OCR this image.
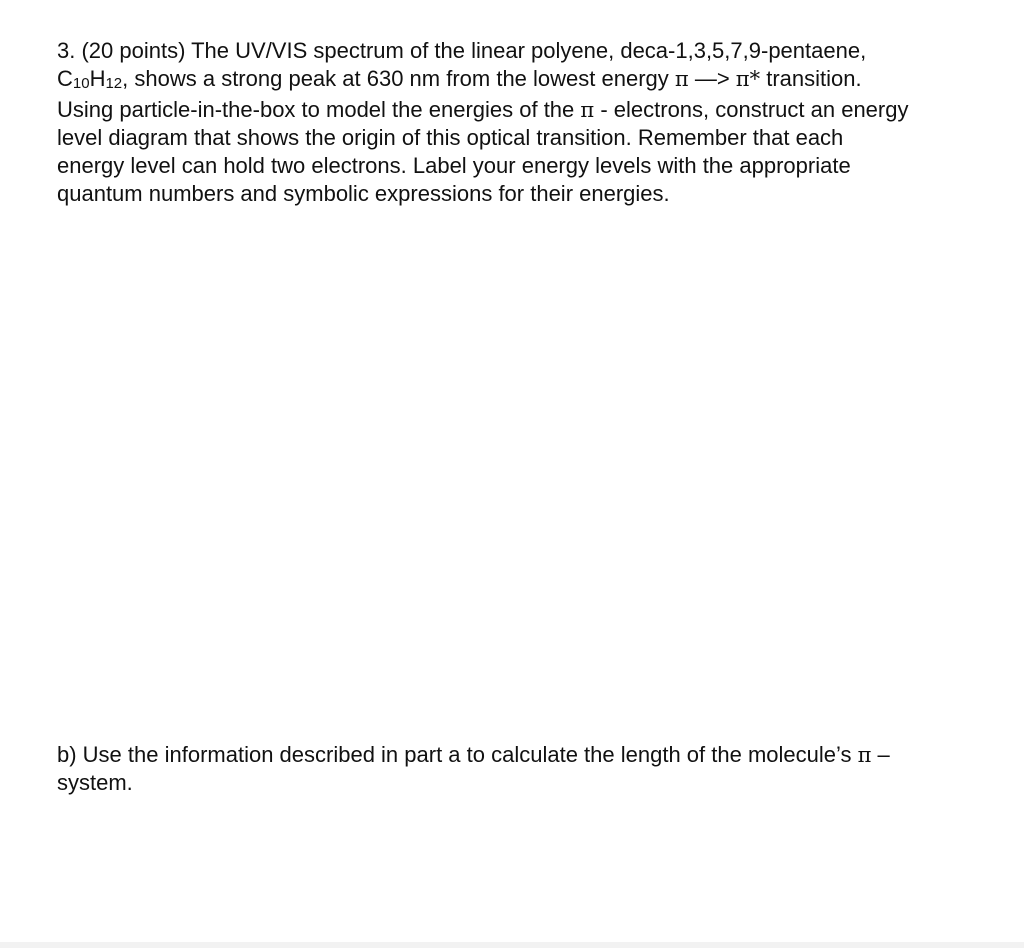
3. (20 points) The UV/VIS spectrum of the linear polyene, deca-1,3,5,7,9-pentaene,
C10H12, shows a strong peak at 630 nm from the lowest energy π —> π* transition.
Using particle-in-the-box to model the energies of the π - electrons, construct an energy
level diagram that shows the origin of this optical transition. Remember that each
energy level can hold two electrons. Label your energy levels with the appropriate
quantum numbers and symbolic expressions for their energies.
b) Use the information described in part a to calculate the length of the molecule’s π –
system.
